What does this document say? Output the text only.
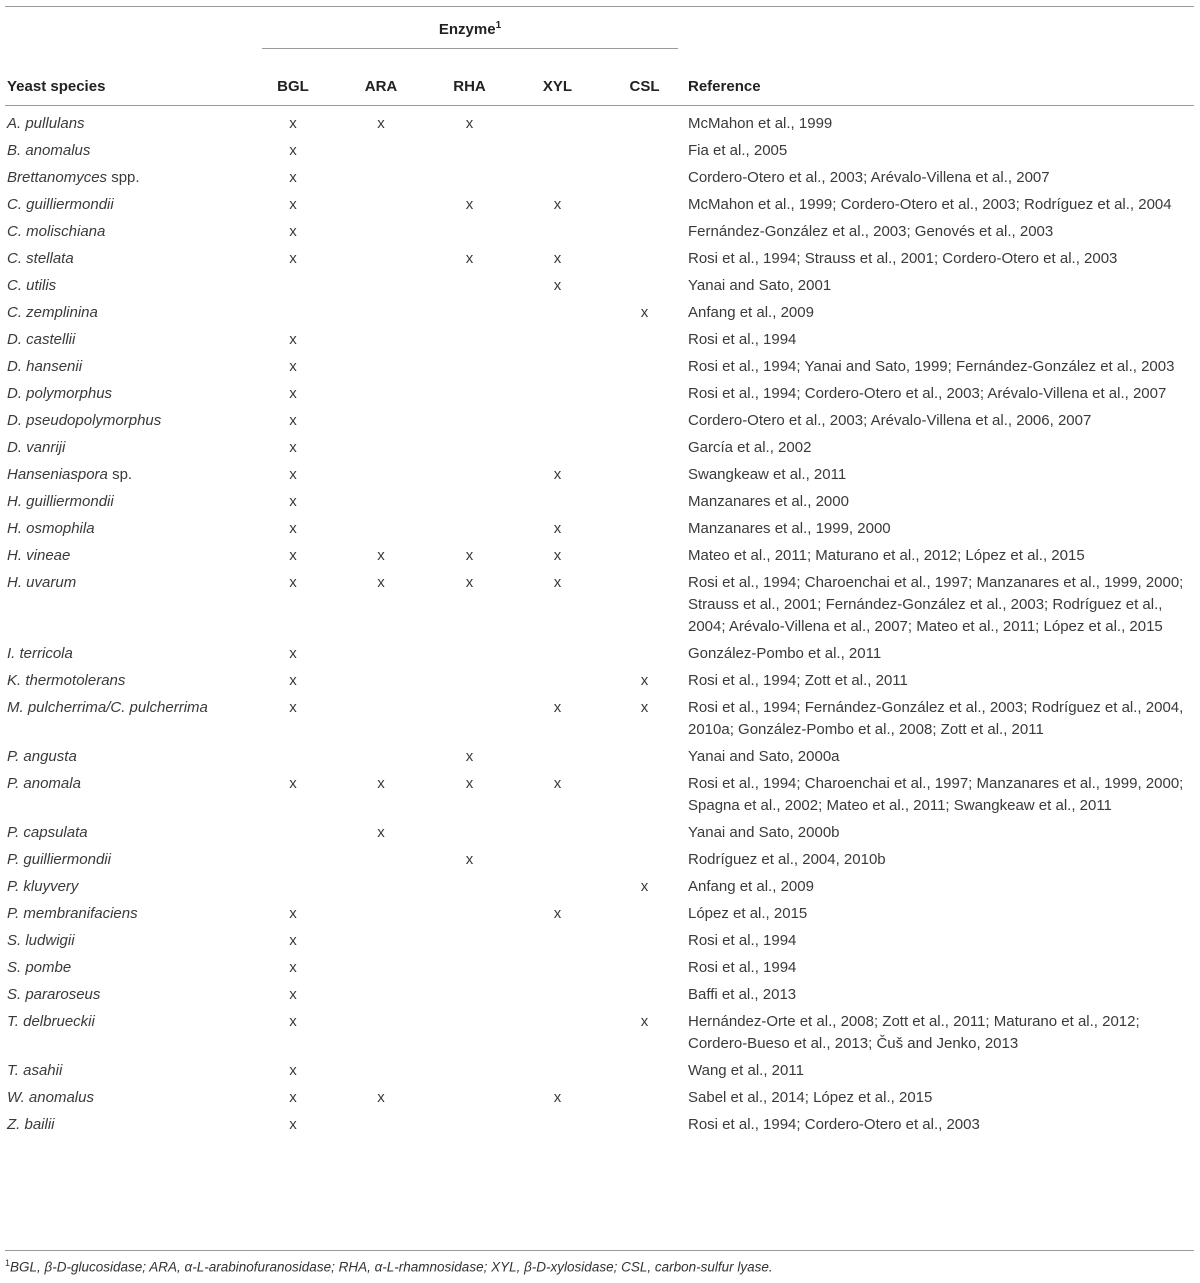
Enzyme$^1$
Yeast species	BGL	ARA	RHA	XYL	CSL	Reference
A. pullulans	x	x	x			McMahon et al., 1999
B. anomalus	x					Fia et al., 2005
Brettanomyces spp.	x					Cordero-Otero et al., 2003; Arévalo-Villena et al., 2007
C. guilliermondii	x		x	x		McMahon et al., 1999; Cordero-Otero et al., 2003; Rodríguez et al., 2004
C. molischiana	x					Fernández-González et al., 2003; Genovés et al., 2003
C. stellata	x		x	x		Rosi et al., 1994; Strauss et al., 2001; Cordero-Otero et al., 2003
C. utilis				x		Yanai and Sato, 2001
C. zemplinina					x	Anfang et al., 2009
D. castellii	x					Rosi et al., 1994
D. hansenii	x					Rosi et al., 1994; Yanai and Sato, 1999; Fernández-González et al., 2003
D. polymorphus	x					Rosi et al., 1994; Cordero-Otero et al., 2003; Arévalo-Villena et al., 2007
D. pseudopolymorphus	x					Cordero-Otero et al., 2003; Arévalo-Villena et al., 2006, 2007
D. vanriji	x					García et al., 2002
Hanseniaspora sp.	x			x		Swangkeaw et al., 2011
H. guilliermondii	x					Manzanares et al., 2000
H. osmophila	x			x		Manzanares et al., 1999, 2000
H. vineae	x	x	x	x		Mateo et al., 2011; Maturano et al., 2012; López et al., 2015
H. uvarum	x	x	x	x		Rosi et al., 1994; Charoenchai et al., 1997; Manzanares et al., 1999, 2000; Strauss et al., 2001; Fernández-González et al., 2003; Rodríguez et al., 2004; Arévalo-Villena et al., 2007; Mateo et al., 2011; López et al., 2015
I. terricola	x					González-Pombo et al., 2011
K. thermotolerans	x				x	Rosi et al., 1994; Zott et al., 2011
M. pulcherrima/C. pulcherrima	x			x	x	Rosi et al., 1994; Fernández-González et al., 2003; Rodríguez et al., 2004, 2010a; González-Pombo et al., 2008; Zott et al., 2011
P. angusta			x			Yanai and Sato, 2000a
P. anomala	x	x	x	x		Rosi et al., 1994; Charoenchai et al., 1997; Manzanares et al., 1999, 2000; Spagna et al., 2002; Mateo et al., 2011; Swangkeaw et al., 2011
P. capsulata		x				Yanai and Sato, 2000b
P. guilliermondii			x			Rodríguez et al., 2004, 2010b
P. kluyvery					x	Anfang et al., 2009
P. membranifaciens	x			x		López et al., 2015
S. ludwigii	x					Rosi et al., 1994
S. pombe	x					Rosi et al., 1994
S. pararoseus	x					Baffi et al., 2013
T. delbrueckii	x				x	Hernández-Orte et al., 2008; Zott et al., 2011; Maturano et al., 2012; Cordero-Bueso et al., 2013; Čuš and Jenko, 2013
T. asahii	x					Wang et al., 2011
W. anomalus	x	x		x		Sabel et al., 2014; López et al., 2015
Z. bailii	x					Rosi et al., 1994; Cordero-Otero et al., 2003
$^1$BGL, β-D-glucosidase; ARA, α-L-arabinofuranosidase; RHA, α-L-rhamnosidase; XYL, β-D-xylosidase; CSL, carbon-sulfur lyase.
